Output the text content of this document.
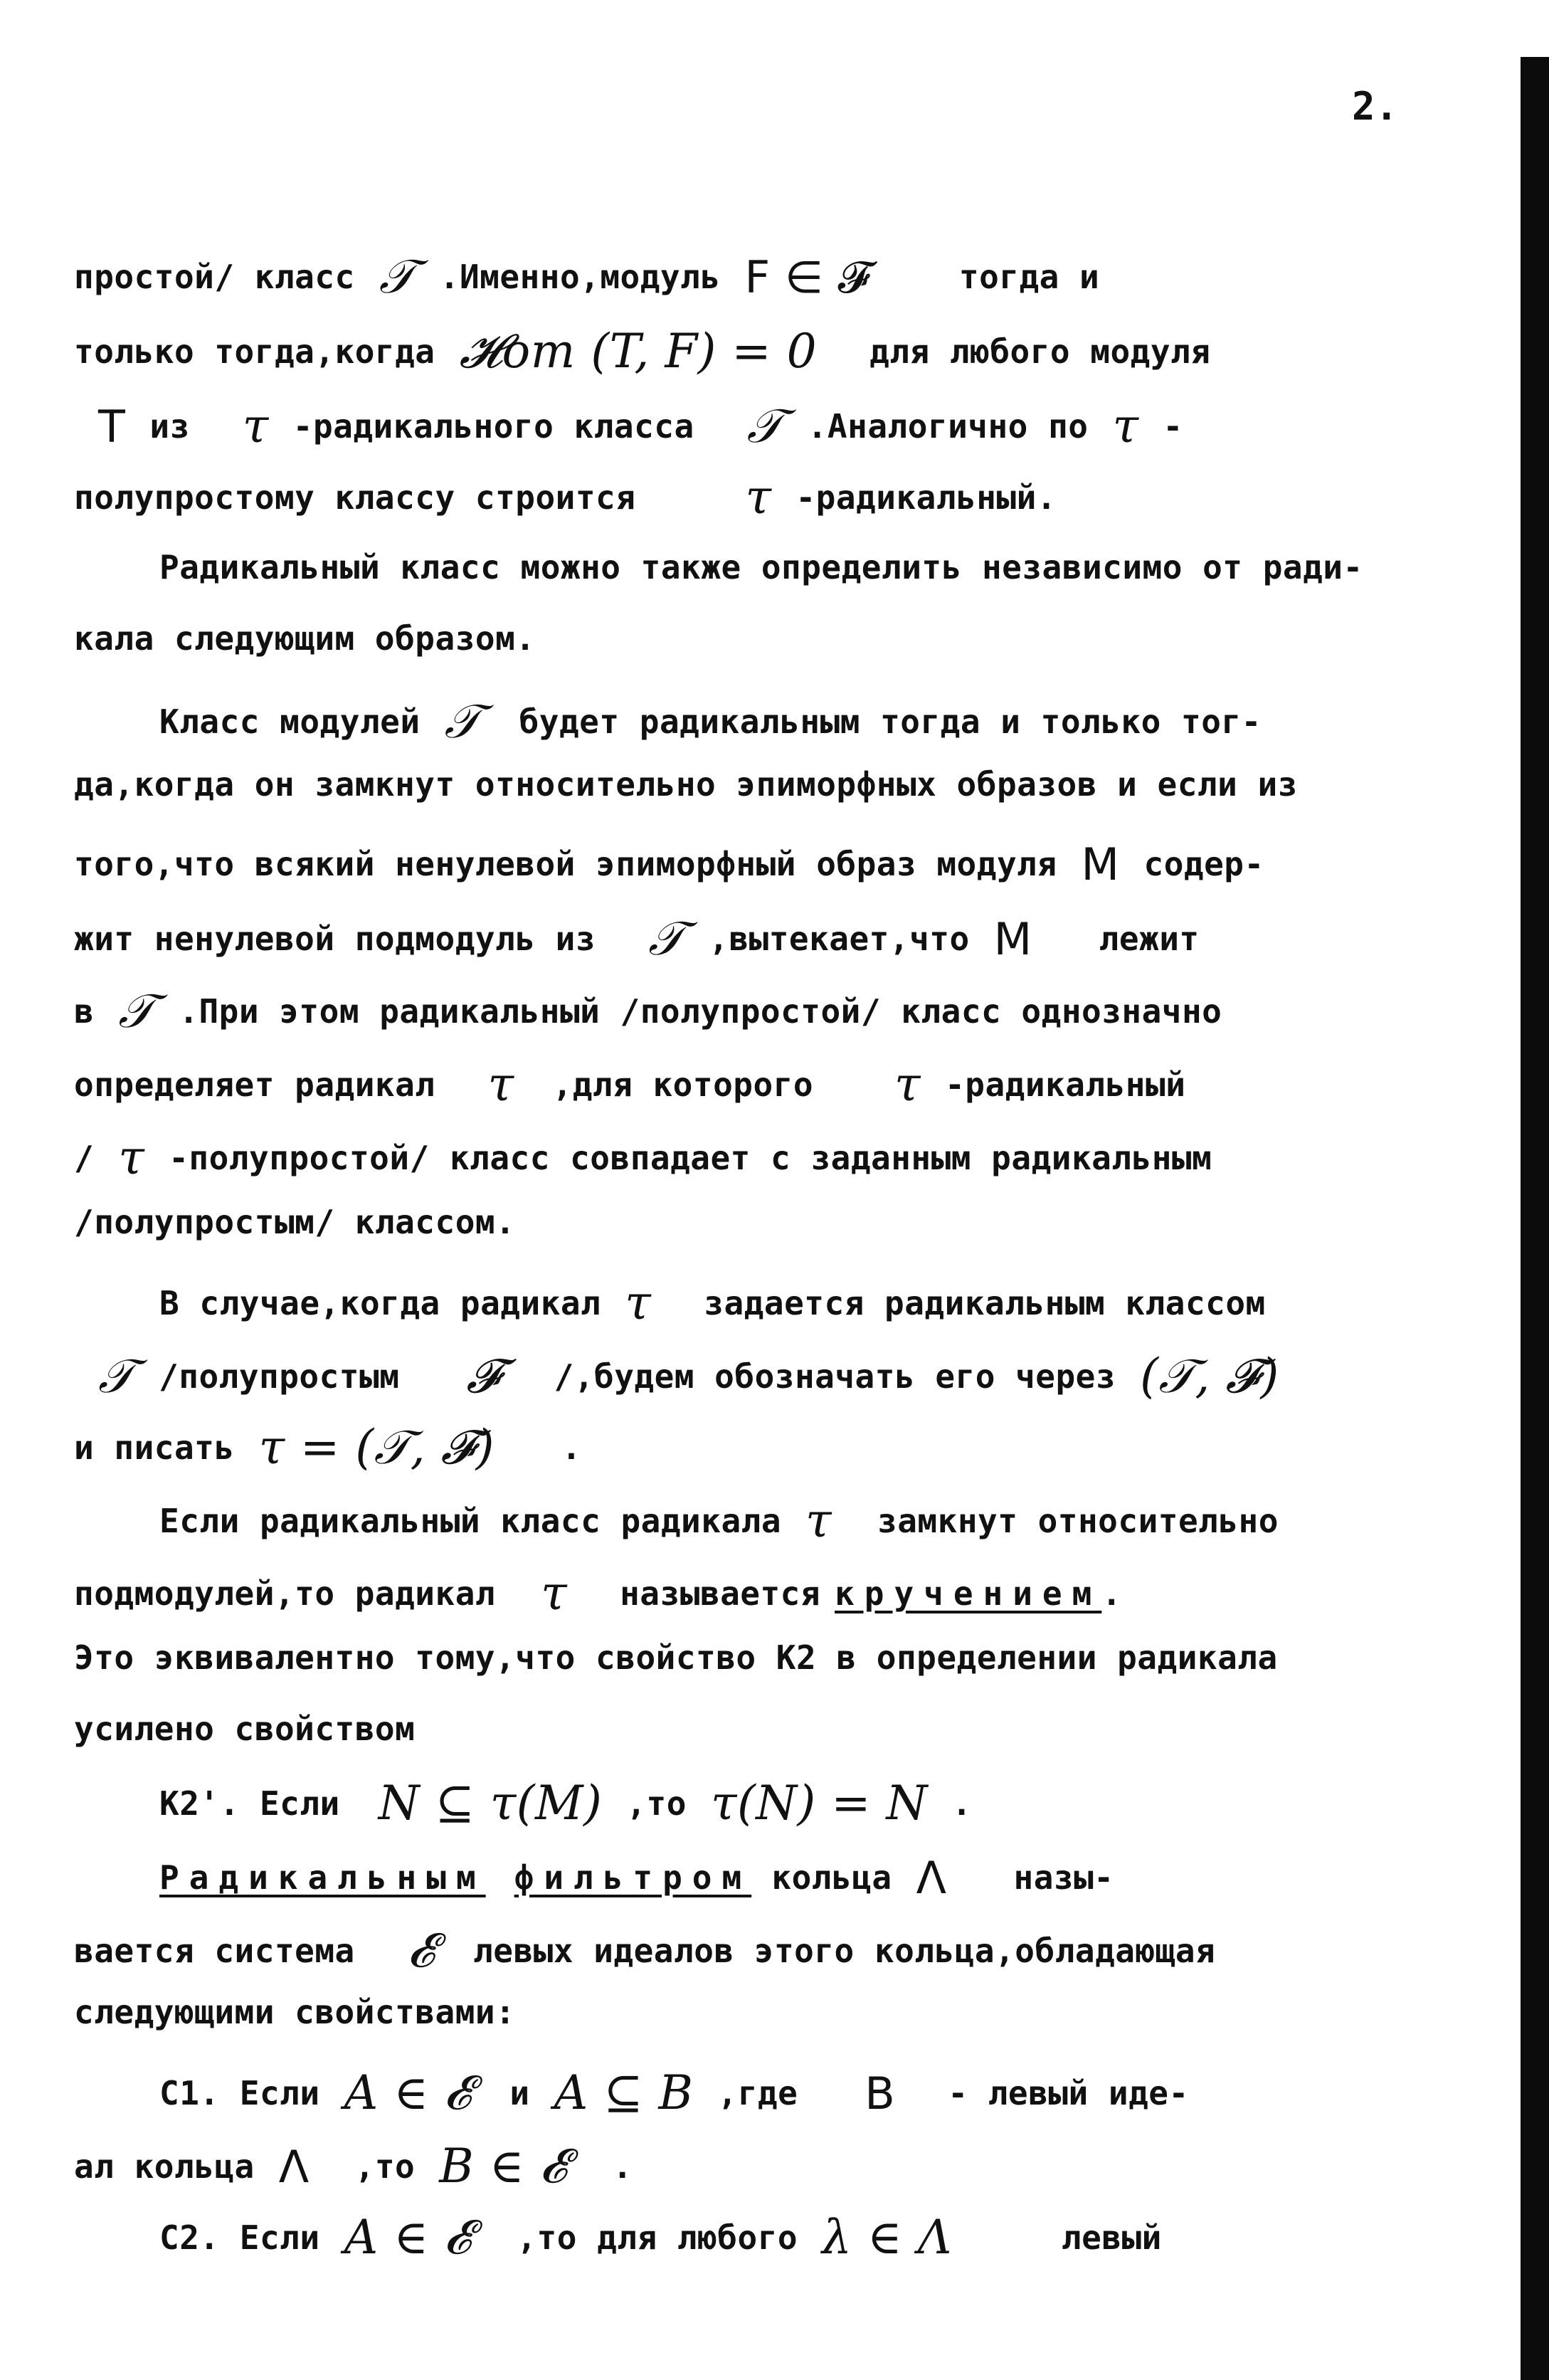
2.
простой/ класс 𝒯 .Именно,модуль F ∈ 𝓕	тогда и
только тогда,когда 𝓗om (T, F) = 0 для любого модуля
T из τ -радикального класса 𝒯 .Аналогично по τ -
полупростому классу строится τ -радикальный.
Радикальный класс можно также определить независимо от ради-
кала следующим образом.
Класс модулей 𝒯 будет радикальным тогда и только тог-
да,когда он замкнут относительно эпиморфных образов и если из
того,что всякий ненулевой эпиморфный образ модуля M содер-
жит ненулевой подмодуль из 𝒯 ,вытекает,что M лежит
в 𝒯 .При этом радикальный /полупростой/ класс однозначно
определяет радикал τ ,для которого τ -радикальный
/ τ -полупростой/ класс совпадает с заданным радикальным
/полупростым/ классом.
В случае,когда радикал τ задается радикальным классом
𝒯 /полупростым 𝓕 /,будем обозначать его через (𝒯, 𝓕)
и писать τ = (𝒯, 𝓕) .
Если радикальный класс радикала τ замкнут относительно
подмодулей,то радикал τ называется кручением.
Это эквивалентно тому,что свойство К2 в определении радикала
усилено свойством
К2'. Если N ⊆ τ(M) ,то τ(N) = N .
Радикальным фильтром кольца Λ назы-
вается система 𝓔 левых идеалов этого кольца,обладающая
следующими свойствами:
С1. Если A ∈ 𝓔 и A ⊆ B ,где B - левый иде-
ал кольца Λ ,то B ∈ 𝓔 .
С2. Если A ∈ 𝓔 ,то для любого λ ∈ Λ	левый
